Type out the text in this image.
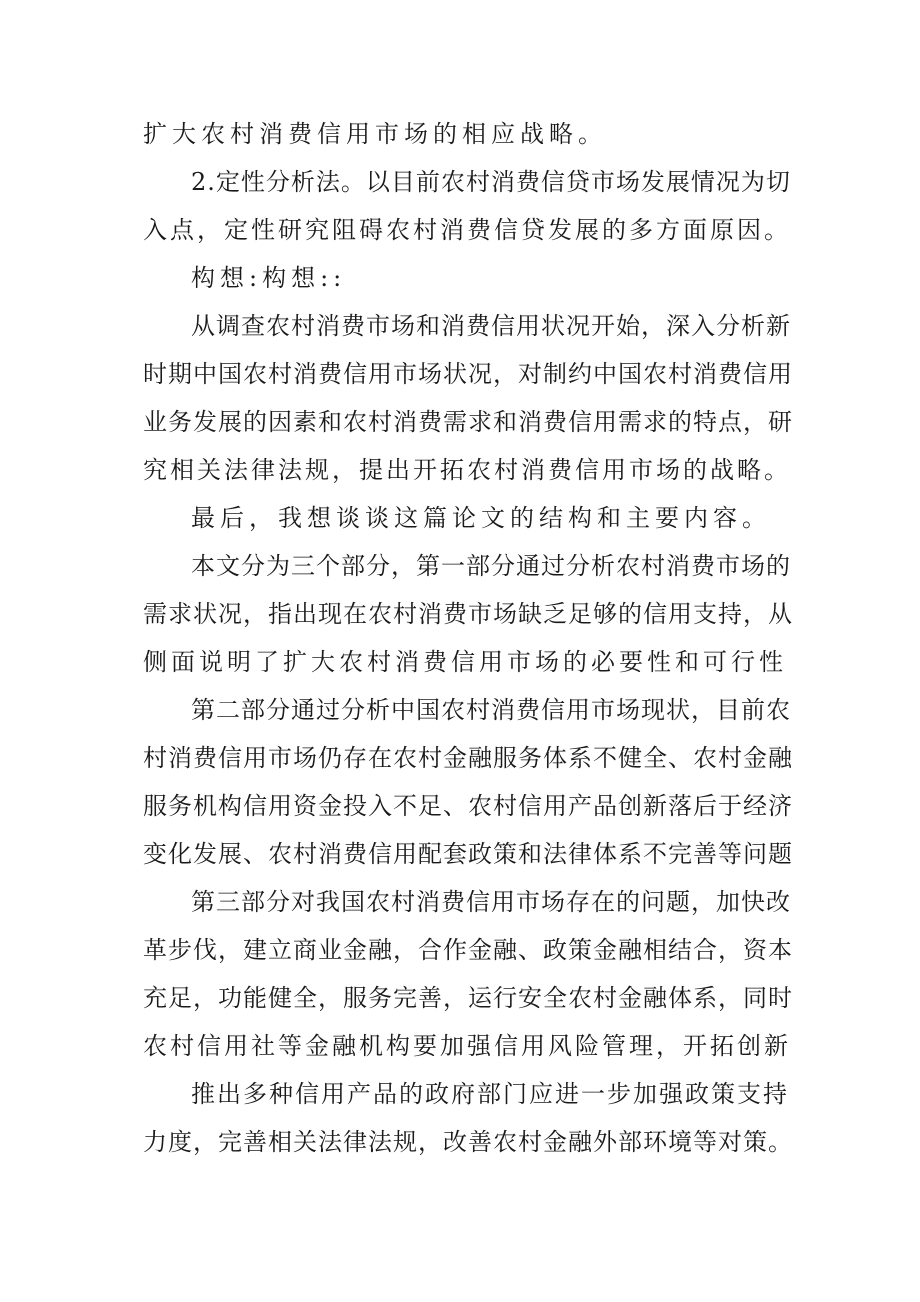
扩大农村消费信用市场的相应战略。
2.定性分析法。以目前农村消费信贷市场发展情况为切
入点，定性研究阻碍农村消费信贷发展的多方面原因。
构想:构想::
从调查农村消费市场和消费信用状况开始，深入分析新
时期中国农村消费信用市场状况，对制约中国农村消费信用
业务发展的因素和农村消费需求和消费信用需求的特点，研
究相关法律法规，提出开拓农村消费信用市场的战略。
最后，我想谈谈这篇论文的结构和主要内容。
本文分为三个部分，第一部分通过分析农村消费市场的
需求状况，指出现在农村消费市场缺乏足够的信用支持，从
侧面说明了扩大农村消费信用市场的必要性和可行性
第二部分通过分析中国农村消费信用市场现状，目前农
村消费信用市场仍存在农村金融服务体系不健全、农村金融
服务机构信用资金投入不足、农村信用产品创新落后于经济
变化发展、农村消费信用配套政策和法律体系不完善等问题
第三部分对我国农村消费信用市场存在的问题，加快改
革步伐，建立商业金融，合作金融、政策金融相结合，资本
充足，功能健全，服务完善，运行安全农村金融体系，同时
农村信用社等金融机构要加强信用风险管理，开拓创新
推出多种信用产品的政府部门应进一步加强政策支持
力度，完善相关法律法规，改善农村金融外部环境等对策。
